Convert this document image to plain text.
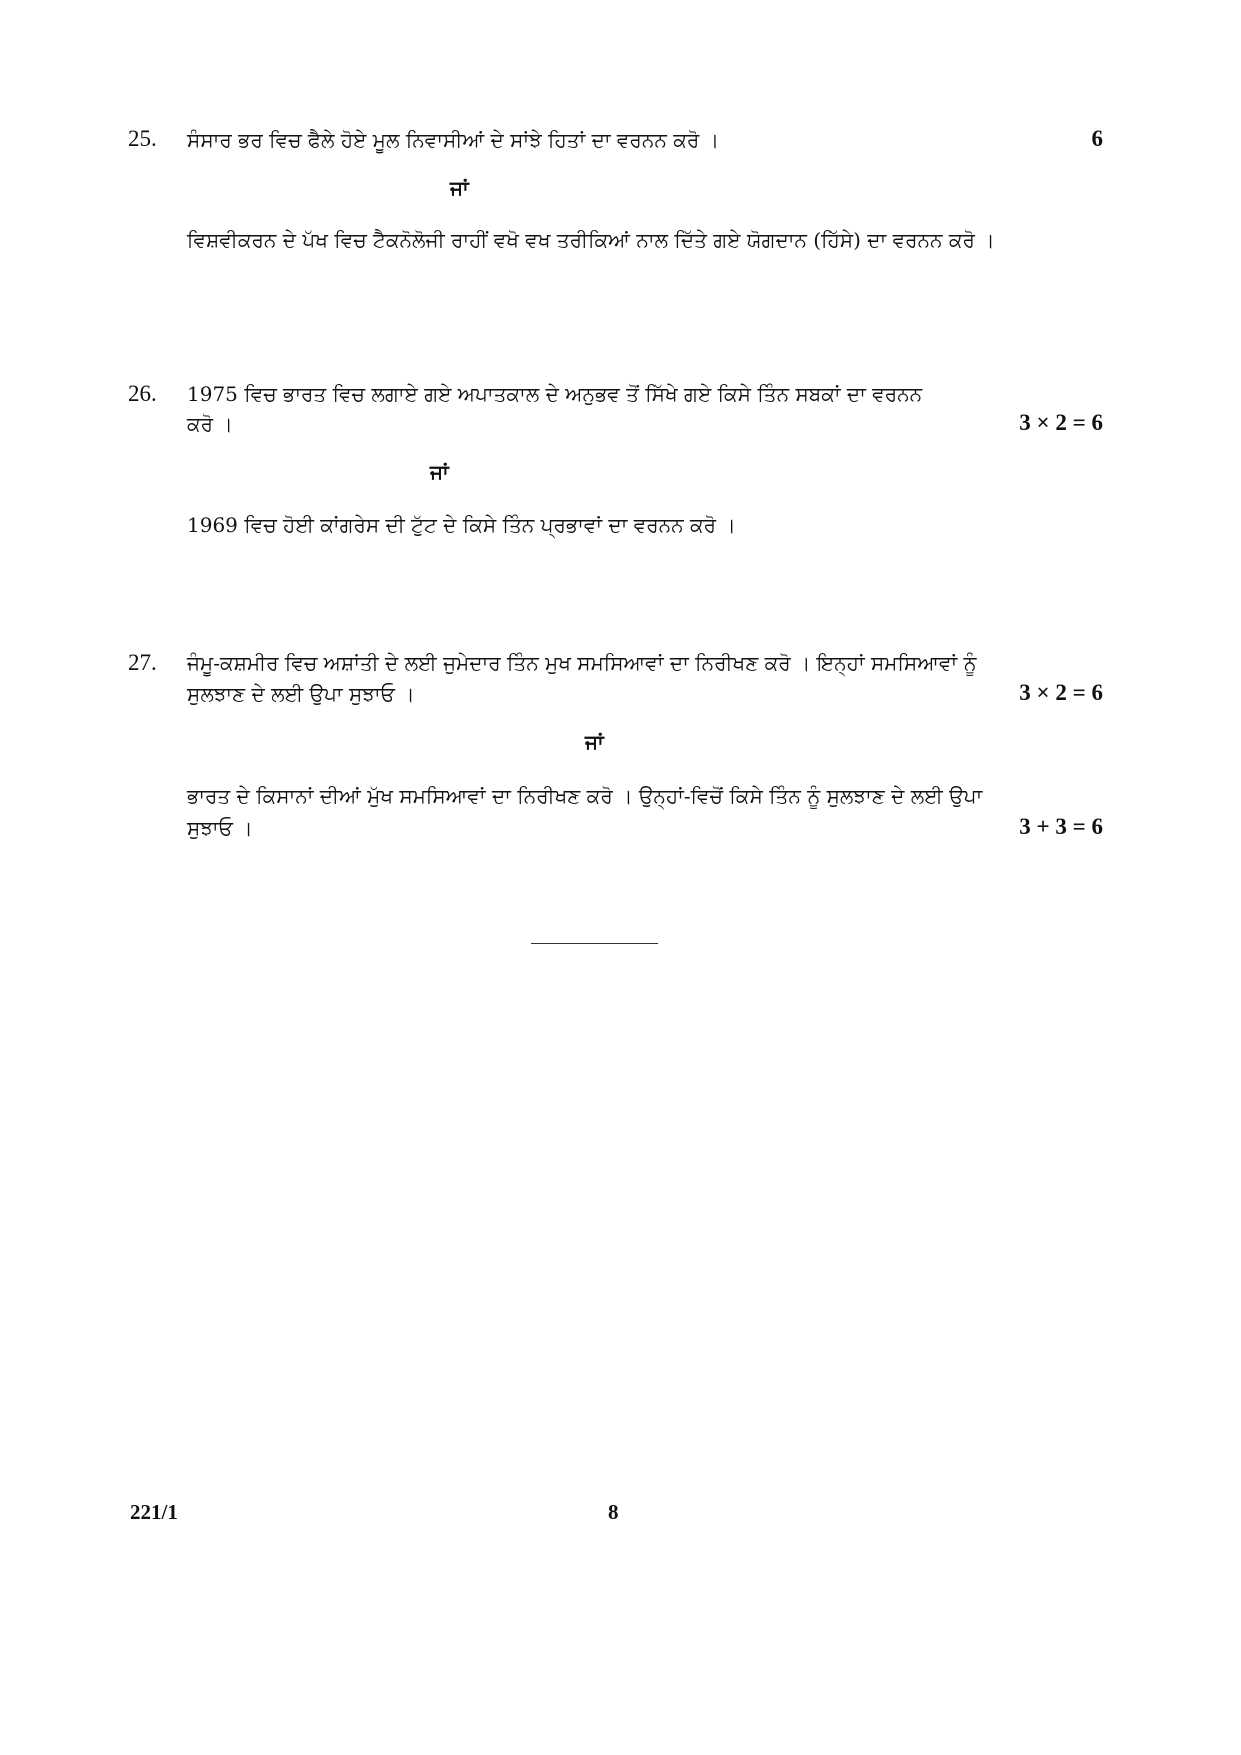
25. ਸੰਸਾਰ ਭਰ ਵਿਚ ਫੈਲੇ ਹੋਏ ਮੂਲ ਨਿਵਾਸੀਆਂ ਦੇ ਸਾਂਝੇ ਹਿਤਾਂ ਦਾ ਵਰਨਨ ਕਰੋ ।	6
ਜਾਂ
ਵਿਸ਼ਵੀਕਰਨ ਦੇ ਪੱਖ ਵਿਚ ਟੈਕਨੋਲੋਜੀ ਰਾਹੀਂ ਵਖੋ ਵਖ ਤਰੀਕਿਆਂ ਨਾਲ ਦਿੱਤੇ ਗਏ ਯੋਗਦਾਨ (ਹਿੱਸੇ) ਦਾ ਵਰਨਨ ਕਰੋ ।
26. 1975 ਵਿਚ ਭਾਰਤ ਵਿਚ ਲਗਾਏ ਗਏ ਅਪਾਤਕਾਲ ਦੇ ਅਨੁਭਵ ਤੋਂ ਸਿੱਖੇ ਗਏ ਕਿਸੇ ਤਿੰਨ ਸਬਕਾਂ ਦਾ ਵਰਨਨ
ਕਰੋ ।	3 × 2 = 6
ਜਾਂ
1969 ਵਿਚ ਹੋਈ ਕਾਂਗਰੇਸ ਦੀ ਟੁੱਟ ਦੇ ਕਿਸੇ ਤਿੰਨ ਪ੍ਰਭਾਵਾਂ ਦਾ ਵਰਨਨ ਕਰੋ ।
27. ਜੰਮੂ-ਕਸ਼ਮੀਰ ਵਿਚ ਅਸ਼ਾਂਤੀ ਦੇ ਲਈ ਜੁਮੇਦਾਰ ਤਿੰਨ ਮੁਖ ਸਮਸਿਆਵਾਂ ਦਾ ਨਿਰੀਖਣ ਕਰੋ । ਇਨ੍ਹਾਂ ਸਮਸਿਆਵਾਂ ਨੂੰ
ਸੁਲਝਾਣ ਦੇ ਲਈ ਉਪਾ ਸੁਝਾਓ ।	3 × 2 = 6
ਜਾਂ
ਭਾਰਤ ਦੇ ਕਿਸਾਨਾਂ ਦੀਆਂ ਮੁੱਖ ਸਮਸਿਆਵਾਂ ਦਾ ਨਿਰੀਖਣ ਕਰੋ । ਉਨ੍ਹਾਂ-ਵਿਚੋਂ ਕਿਸੇ ਤਿੰਨ ਨੂੰ ਸੁਲਝਾਣ ਦੇ ਲਈ ਉਪਾ
ਸੁਝਾਓ ।	3 + 3 = 6
221/1	8
